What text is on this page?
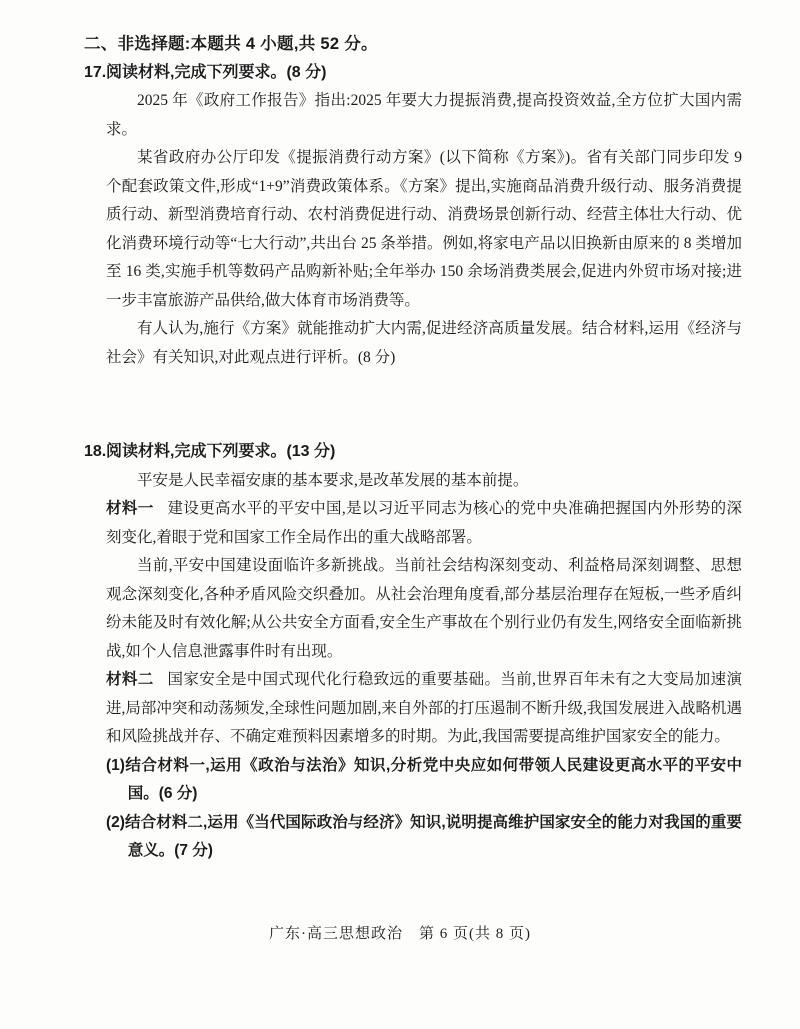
二、非选择题:本题共 4 小题,共 52 分。
17.阅读材料,完成下列要求。(8 分)

2025 年《政府工作报告》指出:2025 年要大力提振消费,提高投资效益,全方位扩大国内需求。

某省政府办公厅印发《提振消费行动方案》(以下简称《方案》)。省有关部门同步印发 9 个配套政策文件,形成“1+9”消费政策体系。《方案》提出,实施商品消费升级行动、服务消费提质行动、新型消费培育行动、农村消费促进行动、消费场景创新行动、经营主体壮大行动、优化消费环境行动等“七大行动”,共出台 25 条举措。例如,将家电产品以旧换新由原来的 8 类增加至 16 类,实施手机等数码产品购新补贴;全年举办 150 余场消费类展会,促进内外贸市场对接;进一步丰富旅游产品供给,做大体育市场消费等。

有人认为,施行《方案》就能推动扩大内需,促进经济高质量发展。结合材料,运用《经济与社会》有关知识,对此观点进行评析。(8 分)

18.阅读材料,完成下列要求。(13 分)

平安是人民幸福安康的基本要求,是改革发展的基本前提。

材料一 建设更高水平的平安中国,是以习近平同志为核心的党中央准确把握国内外形势的深刻变化,着眼于党和国家工作全局作出的重大战略部署。

当前,平安中国建设面临许多新挑战。当前社会结构深刻变动、利益格局深刻调整、思想观念深刻变化,各种矛盾风险交织叠加。从社会治理角度看,部分基层治理存在短板,一些矛盾纠纷未能及时有效化解;从公共安全方面看,安全生产事故在个别行业仍有发生,网络安全面临新挑战,如个人信息泄露事件时有出现。

材料二 国家安全是中国式现代化行稳致远的重要基础。当前,世界百年未有之大变局加速演进,局部冲突和动荡频发,全球性问题加剧,来自外部的打压遏制不断升级,我国发展进入战略机遇和风险挑战并存、不确定难预料因素增多的时期。为此,我国需要提高维护国家安全的能力。

(1)结合材料一,运用《政治与法治》知识,分析党中央应如何带领人民建设更高水平的平安中国。(6 分)

(2)结合材料二,运用《当代国际政治与经济》知识,说明提高维护国家安全的能力对我国的重要意义。(7 分)

广东·高三思想政治　第 6 页(共 8 页)
